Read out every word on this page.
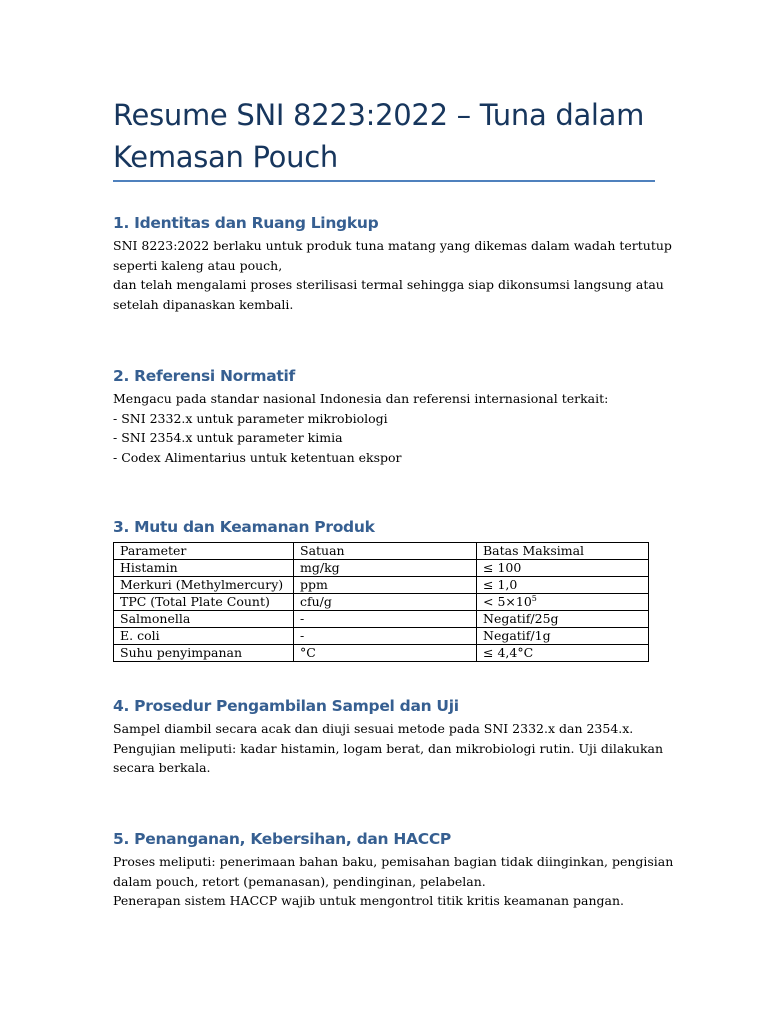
Resume SNI 8223:2022 – Tuna dalam Kemasan Pouch
1. Identitas dan Ruang Lingkup
SNI 8223:2022 berlaku untuk produk tuna matang yang dikemas dalam wadah tertutup
seperti kaleng atau pouch,
dan telah mengalami proses sterilisasi termal sehingga siap dikonsumsi langsung atau
setelah dipanaskan kembali.
2. Referensi Normatif
Mengacu pada standar nasional Indonesia dan referensi internasional terkait:
- SNI 2332.x untuk parameter mikrobiologi
- SNI 2354.x untuk parameter kimia
- Codex Alimentarius untuk ketentuan ekspor
3. Mutu dan Keamanan Produk
Parameter	Satuan	Batas Maksimal
Histamin	mg/kg	≤ 100
Merkuri (Methylmercury)	ppm	≤ 1,0
TPC (Total Plate Count)	cfu/g	< $5\times 10^5$
Salmonella	-	Negatif/25g
E. coli	-	Negatif/1g
Suhu penyimpanan	°C	≤ 4,4°C
4. Prosedur Pengambilan Sampel dan Uji
Sampel diambil secara acak dan diuji sesuai metode pada SNI 2332.x dan 2354.x.
Pengujian meliputi: kadar histamin, logam berat, dan mikrobiologi rutin. Uji dilakukan
secara berkala.
5. Penanganan, Kebersihan, dan HACCP
Proses meliputi: penerimaan bahan baku, pemisahan bagian tidak diinginkan, pengisian
dalam pouch, retort (pemanasan), pendinginan, pelabelan.
Penerapan sistem HACCP wajib untuk mengontrol titik kritis keamanan pangan.
